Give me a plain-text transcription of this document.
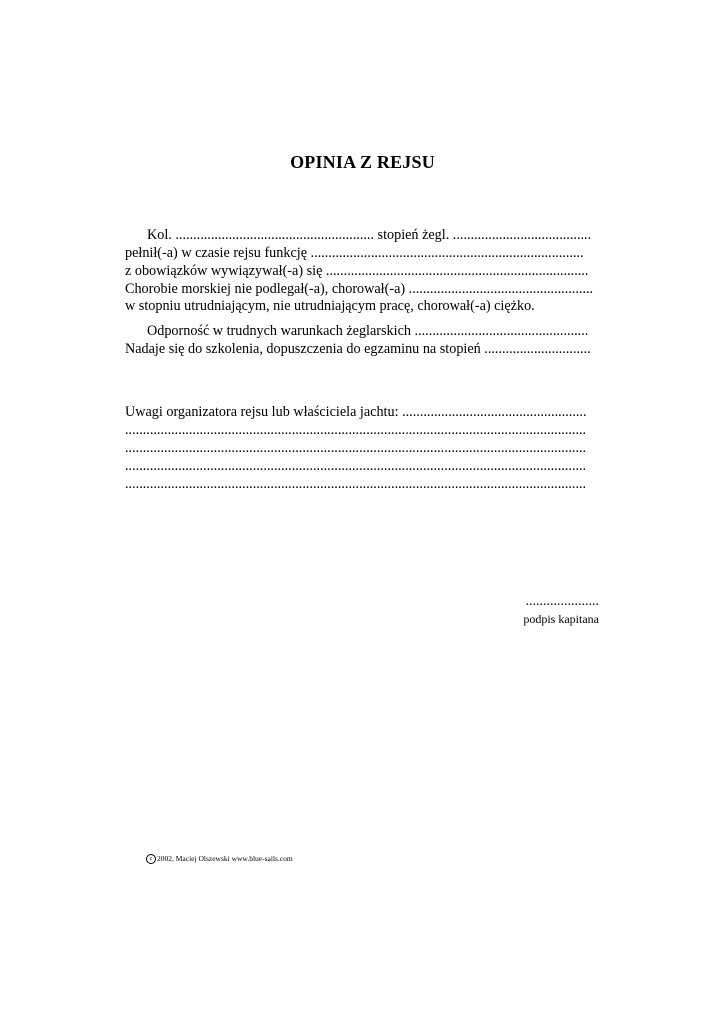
OPINIA Z REJSU
Kol. ........................................................ stopień żegl. .......................................
pełnił(-a) w czasie rejsu funkcję .............................................................................
z obowiązków wywiązywał(-a) się ..........................................................................
Chorobie morskiej nie podlegał(-a), chorował(-a) ....................................................
w stopniu utrudniającym, nie utrudniającym pracę, chorował(-a) ciężko.
Odporność w trudnych warunkach żeglarskich .................................................
Nadaje się do szkolenia, dopuszczenia do egzaminu na stopień ..............................
Uwagi organizatora rejsu lub właściciela jachtu: ....................................................
..................................................................................................................................
..................................................................................................................................
..................................................................................................................................
..................................................................................................................................
.....................
podpis kapitana
c 2002, Maciej Olszewski www.blue-sails.com
